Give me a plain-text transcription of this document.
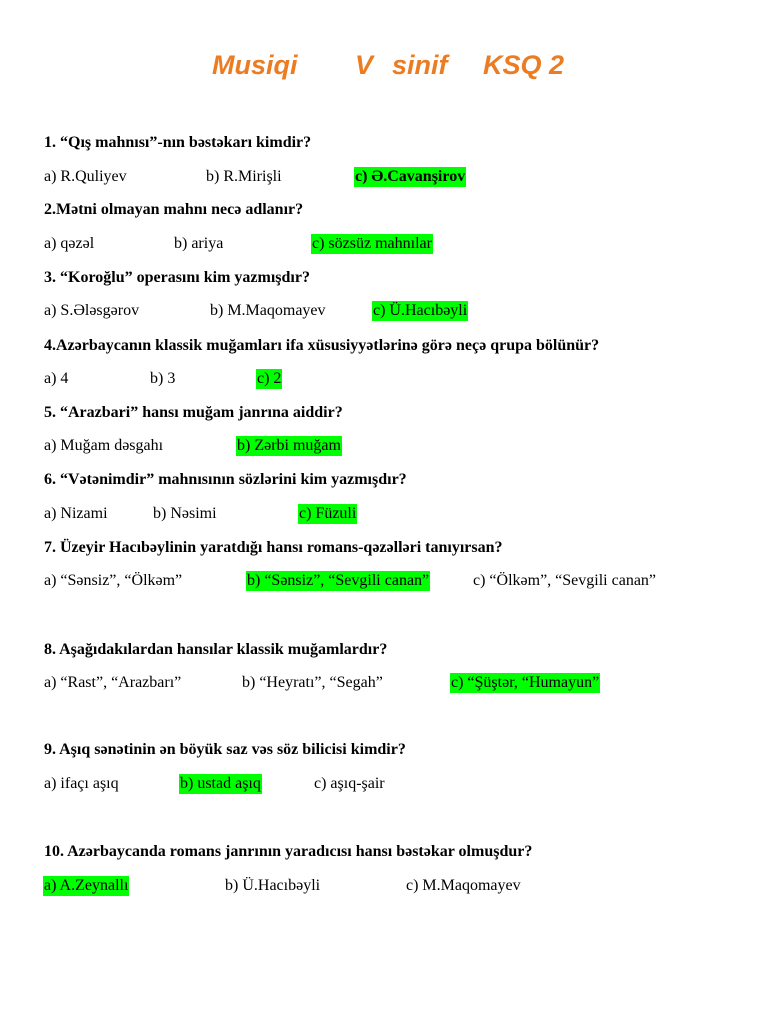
Musiqi V sinif KSQ 2
1. “Qış mahnısı”-nın bəstəkarı kimdir?
a) R.Quliyev	b) R.Mirişli	c) Ə.Cavanşirov
2.Mətni olmayan mahnı necə adlanır?
a) qəzəl	b) ariya	c) sözsüz mahnılar
3. “Koroğlu” operasını kim yazmışdır?
a) S.Ələsgərov	b) M.Maqomayev	c) Ü.Hacıbəyli
4.Azərbaycanın klassik muğamları ifa xüsusiyyətlərinə görə neçə qrupa bölünür?
a) 4	b) 3	c) 2
5. “Arazbari” hansı muğam janrına aiddir?
a) Muğam dəsgahı	b) Zərbi muğam
6. “Vətənimdir” mahnısının sözlərini kim yazmışdır?
a) Nizami	b) Nəsimi	c) Füzuli
7. Üzeyir Hacıbəylinin yaratdığı hansı romans-qəzəlləri tanıyırsan?
a) “Sənsiz”, “Ölkəm”	b) “Sənsiz”, “Sevgili canan”	c) “Ölkəm”, “Sevgili canan”
8. Aşağıdakılardan hansılar klassik muğamlardır?
a) “Rast”, “Arazbarı”	b) “Heyratı”, “Segah”	c) “Şüştər, “Humayun”
9. Aşıq sənətinin ən böyük saz vəs söz bilicisi kimdir?
a) ifaçı aşıq	b) ustad aşıq	c) aşıq-şair
10. Azərbaycanda romans janrının yaradıcısı hansı bəstəkar olmuşdur?
a) A.Zeynallı	b) Ü.Hacıbəyli	c) M.Maqomayev
